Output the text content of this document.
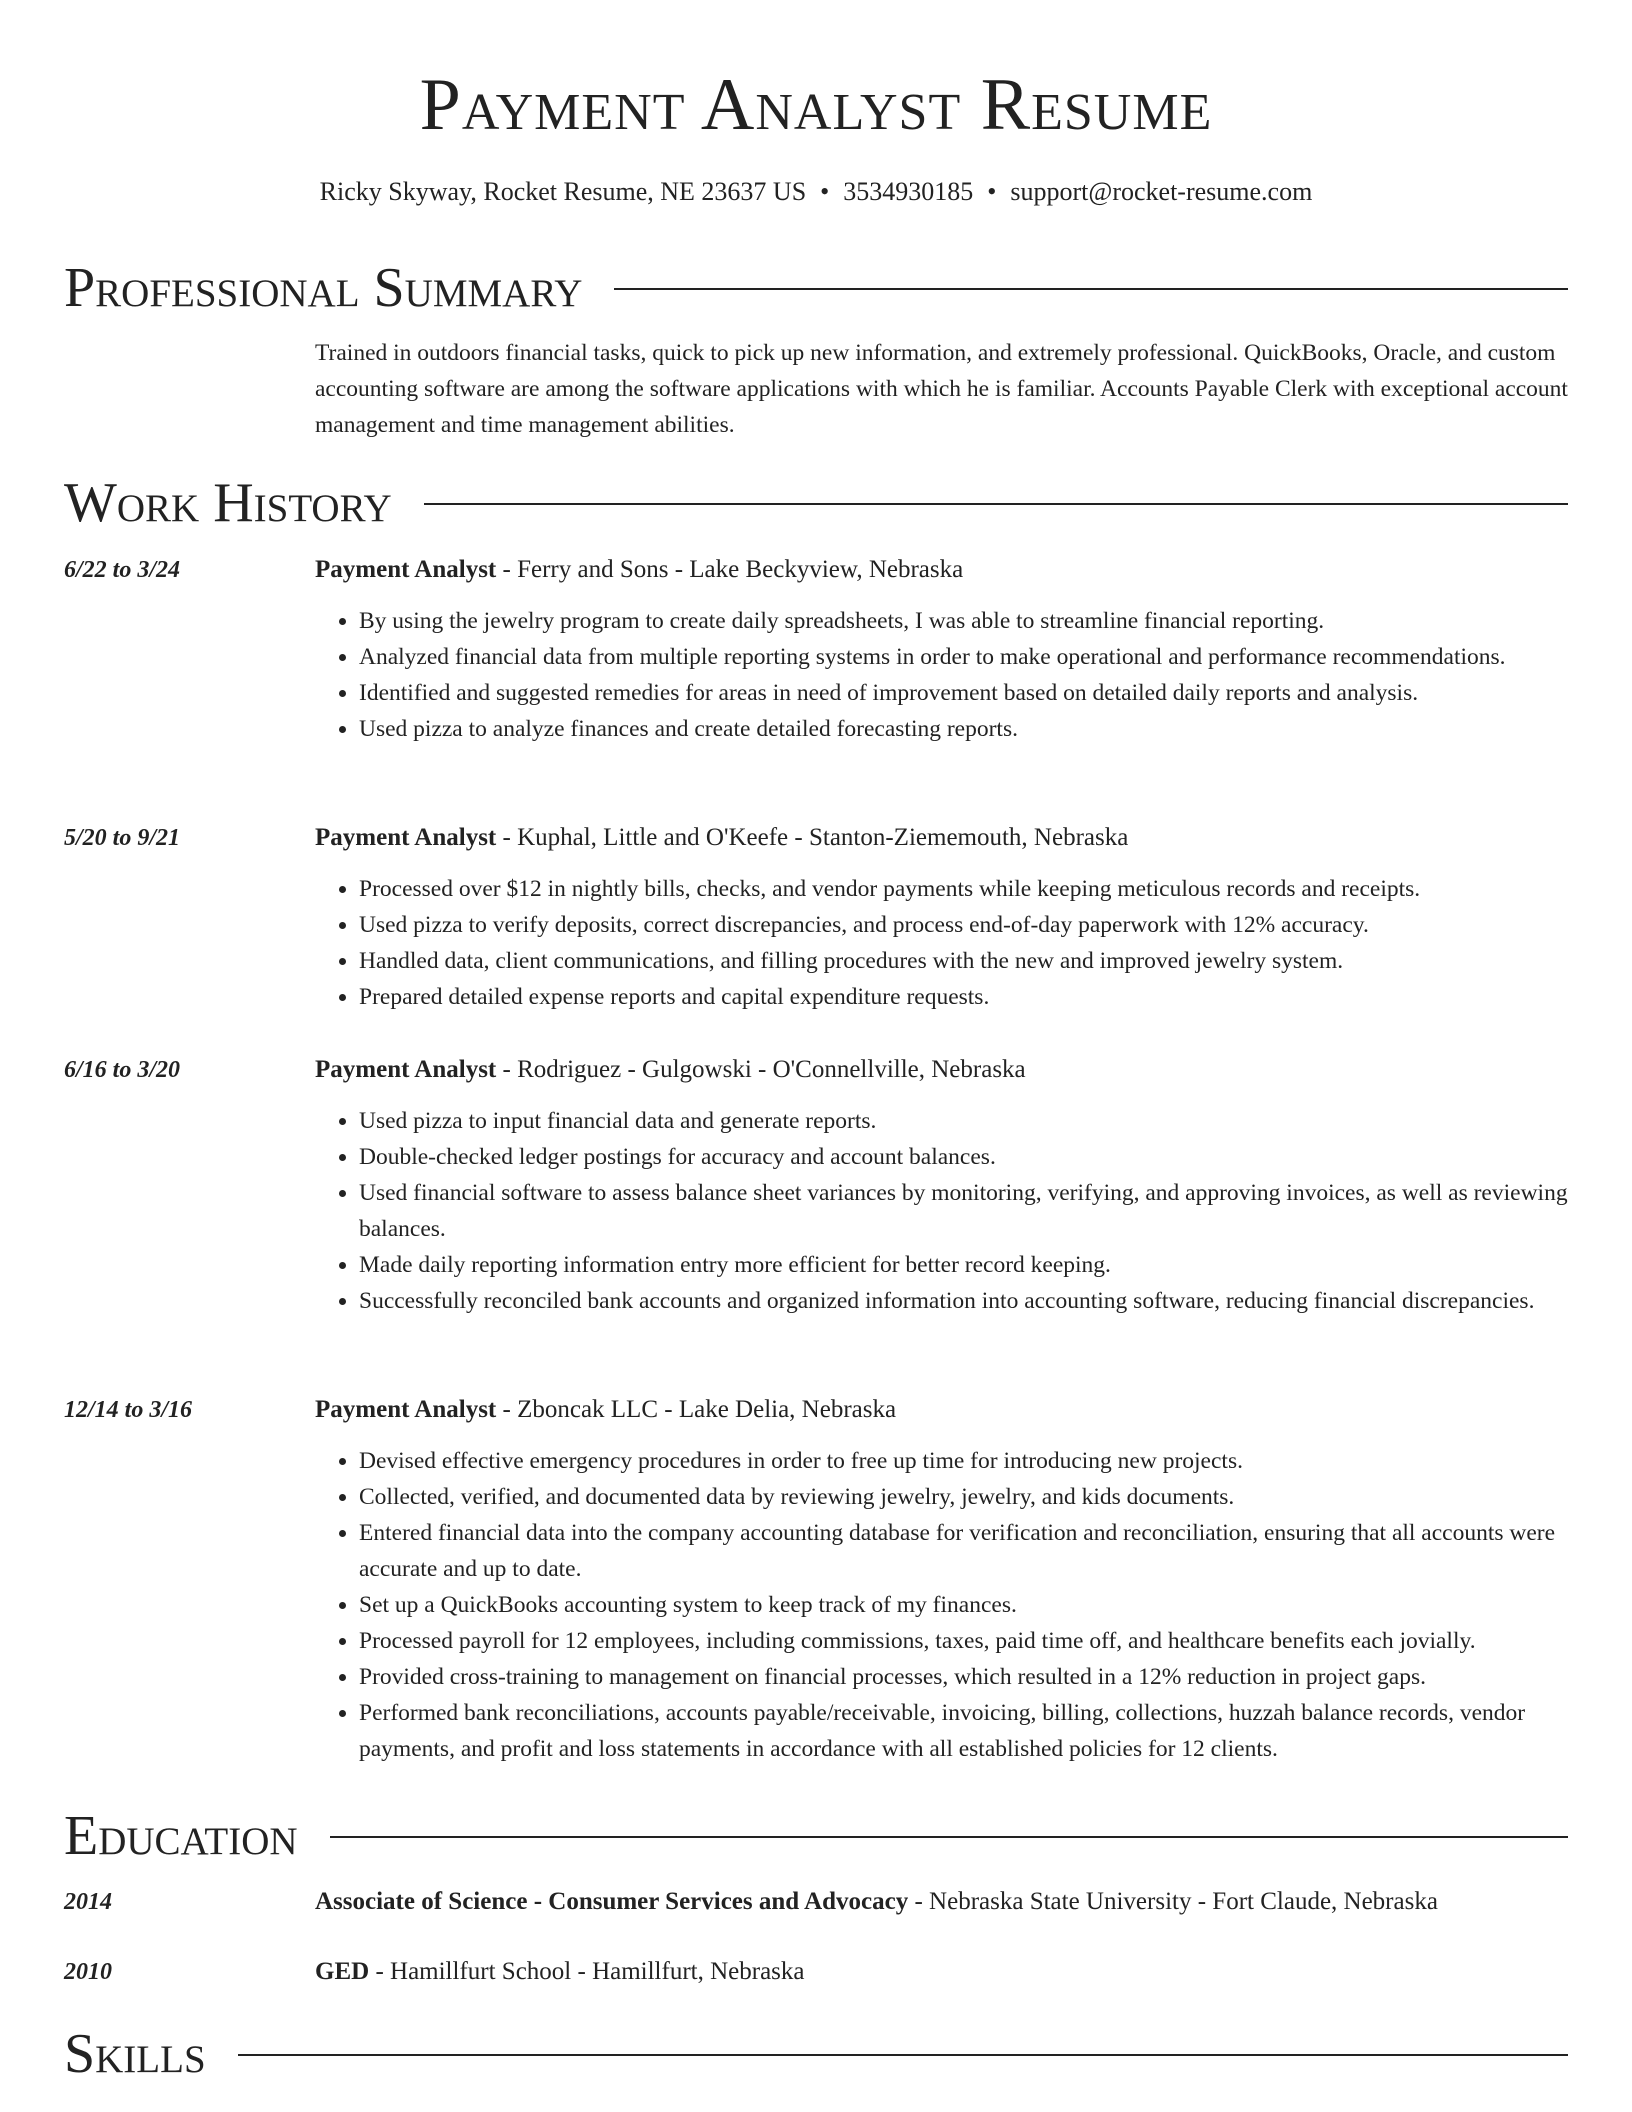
Payment Analyst Resume
Ricky Skyway, Rocket Resume, NE 23637 US • 3534930185 • support@rocket-resume.com
Professional Summary

Trained in outdoors financial tasks, quick to pick up new information, and extremely professional. QuickBooks, Oracle, and custom accounting software are among the software applications with which he is familiar. Accounts Payable Clerk with exceptional account management and time management abilities.

Work History
6/22 to 3/24	Payment Analyst - Ferry and Sons - Lake Beckyview, Nebraska
• By using the jewelry program to create daily spreadsheets, I was able to streamline financial reporting.
• Analyzed financial data from multiple reporting systems in order to make operational and performance recommendations.
• Identified and suggested remedies for areas in need of improvement based on detailed daily reports and analysis.
• Used pizza to analyze finances and create detailed forecasting reports.
5/20 to 9/21	Payment Analyst - Kuphal, Little and O'Keefe - Stanton-Ziememouth, Nebraska
• Processed over $12 in nightly bills, checks, and vendor payments while keeping meticulous records and receipts.
• Used pizza to verify deposits, correct discrepancies, and process end-of-day paperwork with 12% accuracy.
• Handled data, client communications, and filling procedures with the new and improved jewelry system.
• Prepared detailed expense reports and capital expenditure requests.
6/16 to 3/20	Payment Analyst - Rodriguez - Gulgowski - O'Connellville, Nebraska
• Used pizza to input financial data and generate reports.
• Double-checked ledger postings for accuracy and account balances.
• Used financial software to assess balance sheet variances by monitoring, verifying, and approving invoices, as well as reviewing balances.
• Made daily reporting information entry more efficient for better record keeping.
• Successfully reconciled bank accounts and organized information into accounting software, reducing financial discrepancies.
12/14 to 3/16	Payment Analyst - Zboncak LLC - Lake Delia, Nebraska
• Devised effective emergency procedures in order to free up time for introducing new projects.
• Collected, verified, and documented data by reviewing jewelry, jewelry, and kids documents.
• Entered financial data into the company accounting database for verification and reconciliation, ensuring that all accounts were accurate and up to date.
• Set up a QuickBooks accounting system to keep track of my finances.
• Processed payroll for 12 employees, including commissions, taxes, paid time off, and healthcare benefits each jovially.
• Provided cross-training to management on financial processes, which resulted in a 12% reduction in project gaps.
• Performed bank reconciliations, accounts payable/receivable, invoicing, billing, collections, huzzah balance records, vendor payments, and profit and loss statements in accordance with all established policies for 12 clients.
Education
2014	Associate of Science - Consumer Services and Advocacy - Nebraska State University - Fort Claude, Nebraska
2010	GED - Hamillfurt School - Hamillfurt, Nebraska
Skills
